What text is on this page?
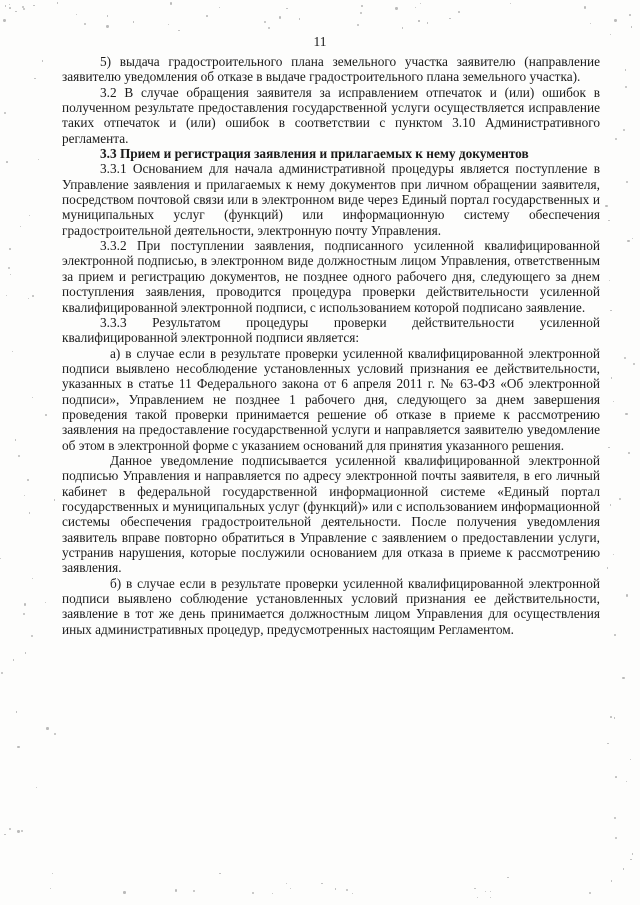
11

5) выдача градостроительного плана земельного участка заявителю (направление заявителю уведомления об отказе в выдаче градостроительного плана земельного участка).

3.2 В случае обращения заявителя за исправлением отпечаток и (или) ошибок в полученном результате предоставления государственной услуги осуществляется исправление таких отпечаток и (или) ошибок в соответствии с пунктом 3.10 Административного регламента.

3.3 Прием и регистрация заявления и прилагаемых к нему документов

3.3.1 Основанием для начала административной процедуры является поступление в Управление заявления и прилагаемых к нему документов при личном обращении заявителя, посредством почтовой связи или в электронном виде через Единый портал государственных и муниципальных услуг (функций) или информационную систему обеспечения градостроительной деятельности, электронную почту Управления.

3.3.2 При поступлении заявления, подписанного усиленной квалифицированной электронной подписью, в электронном виде должностным лицом Управления, ответственным за прием и регистрацию документов, не позднее одного рабочего дня, следующего за днем поступления заявления, проводится процедура проверки действительности усиленной квалифицированной электронной подписи, с использованием которой подписано заявление.

3.3.3 Результатом процедуры проверки действительности усиленной квалифицированной электронной подписи является:

а) в случае если в результате проверки усиленной квалифицированной электронной подписи выявлено несоблюдение установленных условий признания ее действительности, указанных в статье 11 Федерального закона от 6 апреля 2011 г. № 63-ФЗ «Об электронной подписи», Управлением не позднее 1 рабочего дня, следующего за днем завершения проведения такой проверки принимается решение об отказе в приеме к рассмотрению заявления на предоставление государственной услуги и направляется заявителю уведомление об этом в электронной форме с указанием оснований для принятия указанного решения.

Данное уведомление подписывается усиленной квалифицированной электронной подписью Управления и направляется по адресу электронной почты заявителя, в его личный кабинет в федеральной государственной информационной системе «Единый портал государственных и муниципальных услуг (функций)» или с использованием информационной системы обеспечения градостроительной деятельности. После получения уведомления заявитель вправе повторно обратиться в Управление с заявлением о предоставлении услуги, устранив нарушения, которые послужили основанием для отказа в приеме к рассмотрению заявления.

б) в случае если в результате проверки усиленной квалифицированной электронной подписи выявлено соблюдение установленных условий признания ее действительности, заявление в тот же день принимается должностным лицом Управления для осуществления иных административных процедур, предусмотренных настоящим Регламентом.
